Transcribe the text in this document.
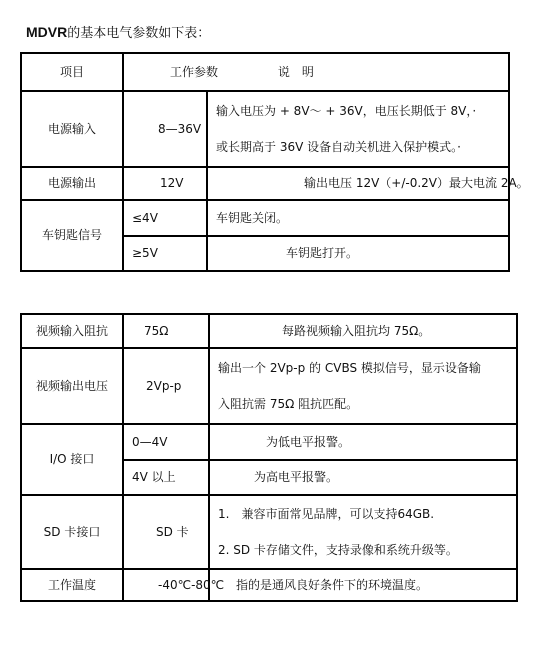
MDVR的基本电气参数如下表：
项目	工作参数 说　明	
电源输入	8—36V	输入电压为 + 8V～ + 36V，电压长期低于 8V，·
或长期高于 36V 设备自动关机进入保护模式。·

电源输出	12V	输出电压 12V（+/-0.2V）最大电流 2A。
车钥匙信号	≤4V	车钥匙关闭。
	≥5V	车钥匙打开。
视频输入阻抗	75Ω	每路视频输入阻抗均 75Ω。
视频输出电压	2Vp-p	输出一个 2Vp-p 的 CVBS 模拟信号，显示设备输
入阻抗需 75Ω 阻抗匹配。

I/O 接口	0—4V	为低电平报警。
	4V 以上	为高电平报警。
SD 卡接口	SD 卡	1.　兼容市面常见品牌，可以支持64GB.
2. SD 卡存储文件，支持录像和系统升级等。

工作温度	-40℃-80℃	指的是通风良好条件下的环境温度。
